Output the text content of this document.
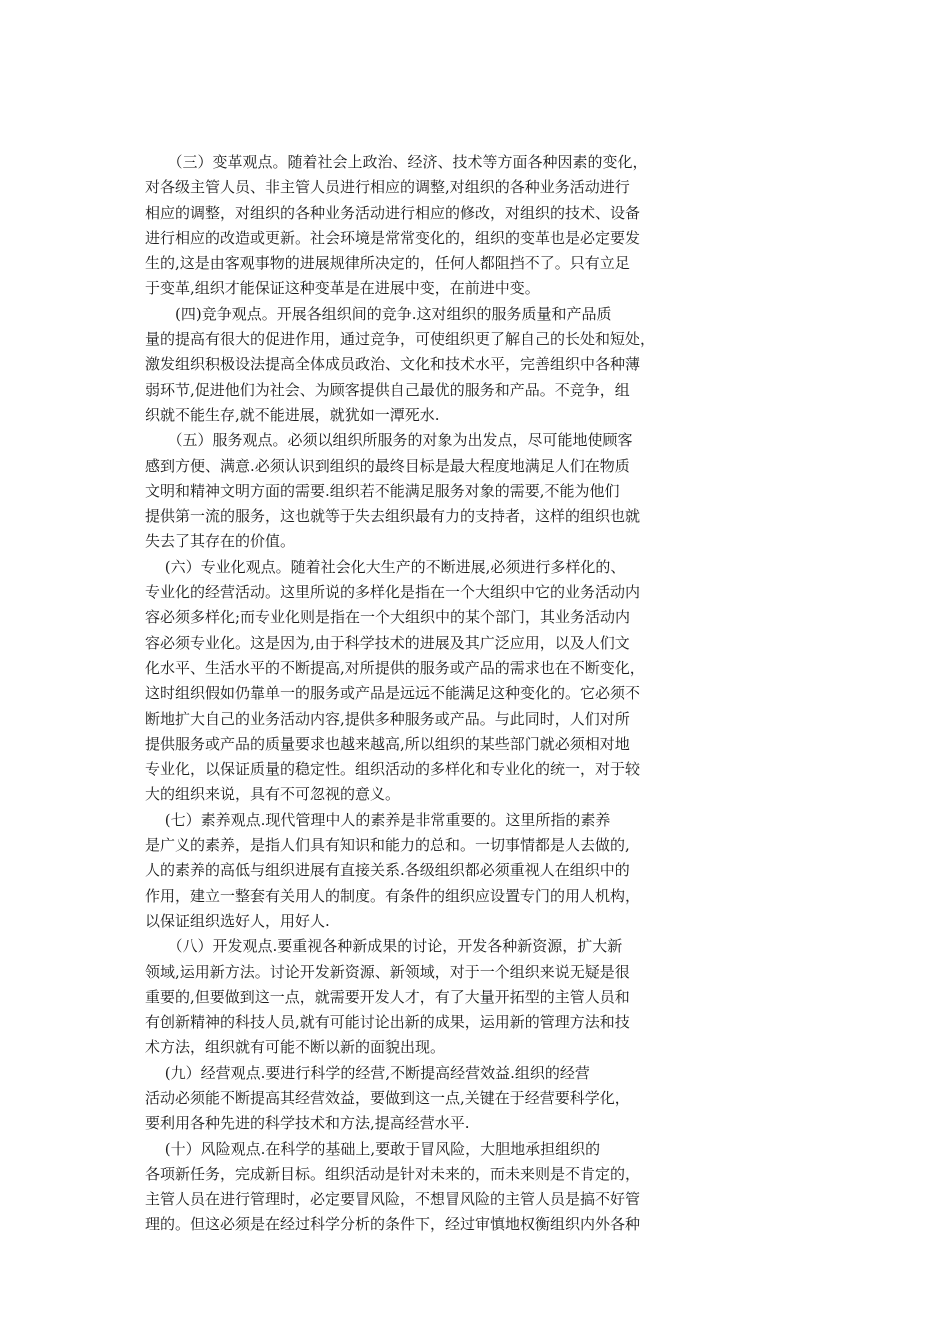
　　（三）变革观点。随着社会上政治、经济、技术等方面各种因素的变化，
对各级主管人员、非主管人员进行相应的调整,对组织的各种业务活动进行
相应的调整，对组织的各种业务活动进行相应的修改，对组织的技术、设备
进行相应的改造或更新。社会环境是常常变化的，组织的变革也是必定要发
生的,这是由客观事物的进展规律所决定的，任何人都阻挡不了。只有立足
于变革,组织才能保证这种变革是在进展中变，在前进中变。
　　(四)竞争观点。开展各组织间的竞争.这对组织的服务质量和产品质
量的提高有很大的促进作用，通过竞争，可使组织更了解自己的长处和短处，
激发组织积极设法提高全体成员政治、文化和技术水平，完善组织中各种薄
弱环节,促进他们为社会、为顾客提供自己最优的服务和产品。不竞争，组
织就不能生存,就不能进展，就犹如一潭死水.
　　（五）服务观点。必须以组织所服务的对象为出发点，尽可能地使顾客
感到方便、满意.必须认识到组织的最终目标是最大程度地满足人们在物质
文明和精神文明方面的需要.组织若不能满足服务对象的需要,不能为他们
提供第一流的服务，这也就等于失去组织最有力的支持者，这样的组织也就
失去了其存在的价值。
　 (六）专业化观点。随着社会化大生产的不断进展,必须进行多样化的、
专业化的经营活动。这里所说的多样化是指在一个大组织中它的业务活动内
容必须多样化;而专业化则是指在一个大组织中的某个部门，其业务活动内
容必须专业化。这是因为,由于科学技术的进展及其广泛应用，以及人们文
化水平、生活水平的不断提高,对所提供的服务或产品的需求也在不断变化，
这时组织假如仍靠单一的服务或产品是远远不能满足这种变化的。它必须不
断地扩大自己的业务活动内容,提供多种服务或产品。与此同时，人们对所
提供服务或产品的质量要求也越来越高,所以组织的某些部门就必须相对地
专业化，以保证质量的稳定性。组织活动的多样化和专业化的统一，对于较
大的组织来说，具有不可忽视的意义。
　 (七）素养观点.现代管理中人的素养是非常重要的。这里所指的素养
是广义的素养，是指人们具有知识和能力的总和。一切事情都是人去做的,
人的素养的高低与组织进展有直接关系.各级组织都必须重视人在组织中的
作用，建立一整套有关用人的制度。有条件的组织应设置专门的用人机构，
以保证组织选好人，用好人.
　　（八）开发观点.要重视各种新成果的讨论，开发各种新资源，扩大新
领域,运用新方法。讨论开发新资源、新领域，对于一个组织来说无疑是很
重要的,但要做到这一点，就需要开发人才，有了大量开拓型的主管人员和
有创新精神的科技人员,就有可能讨论出新的成果，运用新的管理方法和技
术方法，组织就有可能不断以新的面貌出现。
　 (九）经营观点.要进行科学的经营,不断提高经营效益.组织的经营
活动必须能不断提高其经营效益，要做到这一点,关键在于经营要科学化，
要利用各种先进的科学技术和方法,提高经营水平.
　 (十）风险观点.在科学的基础上,要敢于冒风险，大胆地承担组织的
各项新任务，完成新目标。组织活动是针对未来的，而未来则是不肯定的，
主管人员在进行管理时，必定要冒风险，不想冒风险的主管人员是搞不好管
理的。但这必须是在经过科学分析的条件下，经过审慎地权衡组织内外各种
